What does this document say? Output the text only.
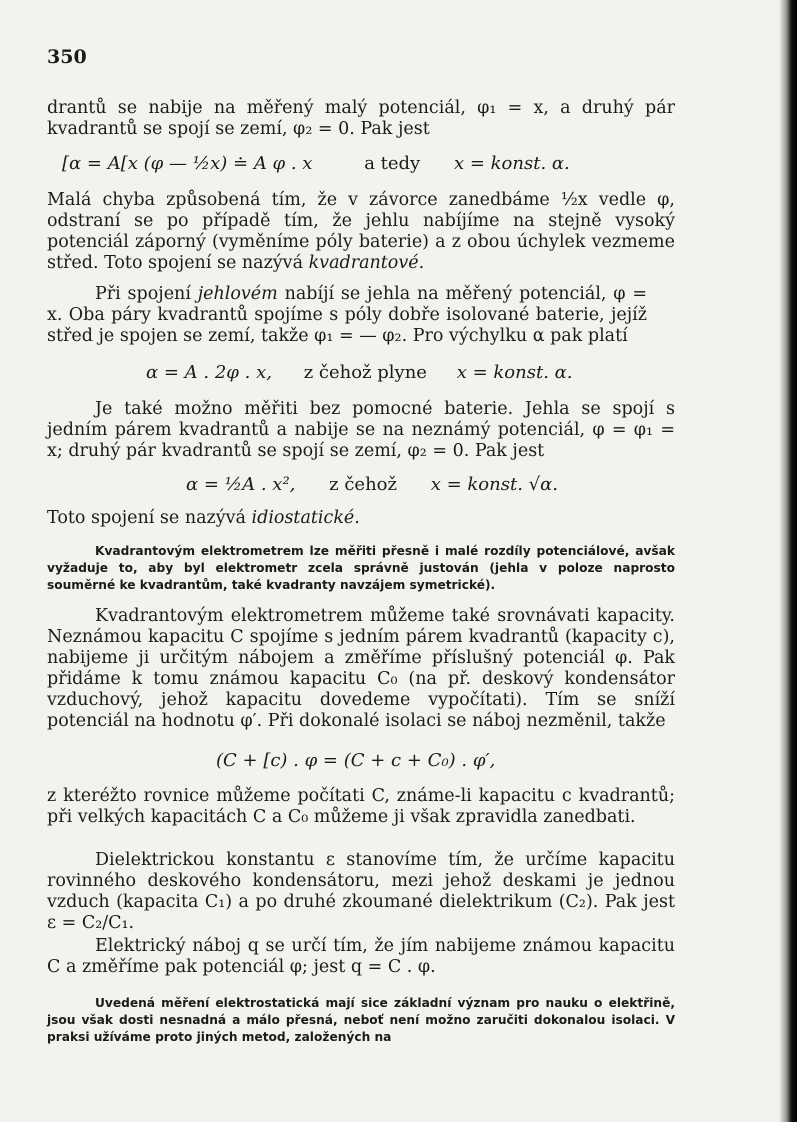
350

drantů se nabije na měřený malý potenciál, φ₁ = x, a druhý pár kvadrantů se spojí se zemí, φ₂ = 0. Pak jest

[α = A[x (φ — ½x) ≐ A φ . x	a tedy x = konst. α.

Malá chyba způsobená tím, že v závorce zanedbáme ½x vedle φ, odstraní se po případě tím, že jehlu nabíjíme na stejně vysoký potenciál záporný (vyměníme póly baterie) a z obou úchylek vezmeme střed. Toto spojení se nazývá kvadrantové.

Při spojení jehlovém nabíjí se jehla na měřený potenciál, φ = x. Oba páry kvadrantů spojíme s póly dobře isolované baterie, jejíž střed je spojen se zemí, takže φ₁ = — φ₂. Pro výchylku α pak platí

α = A . 2φ . x, z čehož plyne x = konst. α.

Je také možno měřiti bez pomocné baterie. Jehla se spojí s jedním párem kvadrantů a nabije se na neznámý potenciál, φ = φ₁ = x; druhý pár kvadrantů se spojí se zemí, φ₂ = 0. Pak jest

α = ½A . x², z čehož x = konst. √α.

Toto spojení se nazývá idiostatické.

Kvadrantovým elektrometrem lze měřiti přesně i malé rozdíly potenciálové, avšak vyžaduje to, aby byl elektrometr zcela správně justován (jehla v poloze naprosto souměrné ke kvadrantům, také kvadranty navzájem symetrické).

Kvadrantovým elektrometrem můžeme také srovnávati kapacity. Neznámou kapacitu C spojíme s jedním párem kvadrantů (kapacity c), nabijeme ji určitým nábojem a změříme příslušný potenciál φ. Pak přidáme k tomu známou kapacitu C₀ (na př. deskový kondensátor vzduchový, jehož kapacitu dovedeme vypočítati). Tím se sníží potenciál na hodnotu φ′. Při dokonalé isolaci se náboj nezměnil, takže

(C + [c) . φ = (C + c + C₀) . φ′,

z kteréžto rovnice můžeme počítati C, známe-li kapacitu c kvadrantů; při velkých kapacitách C a C₀ můžeme ji však zpravidla zanedbati.

Dielektrickou konstantu ε stanovíme tím, že určíme kapacitu rovinného deskového kondensátoru, mezi jehož deskami je jednou vzduch (kapacita C₁) a po druhé zkoumané dielektrikum (C₂). Pak jest ε = C₂/C₁.

Elektrický náboj q se určí tím, že jím nabijeme známou kapacitu C a změříme pak potenciál φ; jest q = C . φ.

Uvedená měření elektrostatická mají sice základní význam pro nauku o elektřině, jsou však dosti nesnadná a málo přesná, neboť není možno zaručiti dokonalou isolaci. V praksi užíváme proto jiných metod, založených na
